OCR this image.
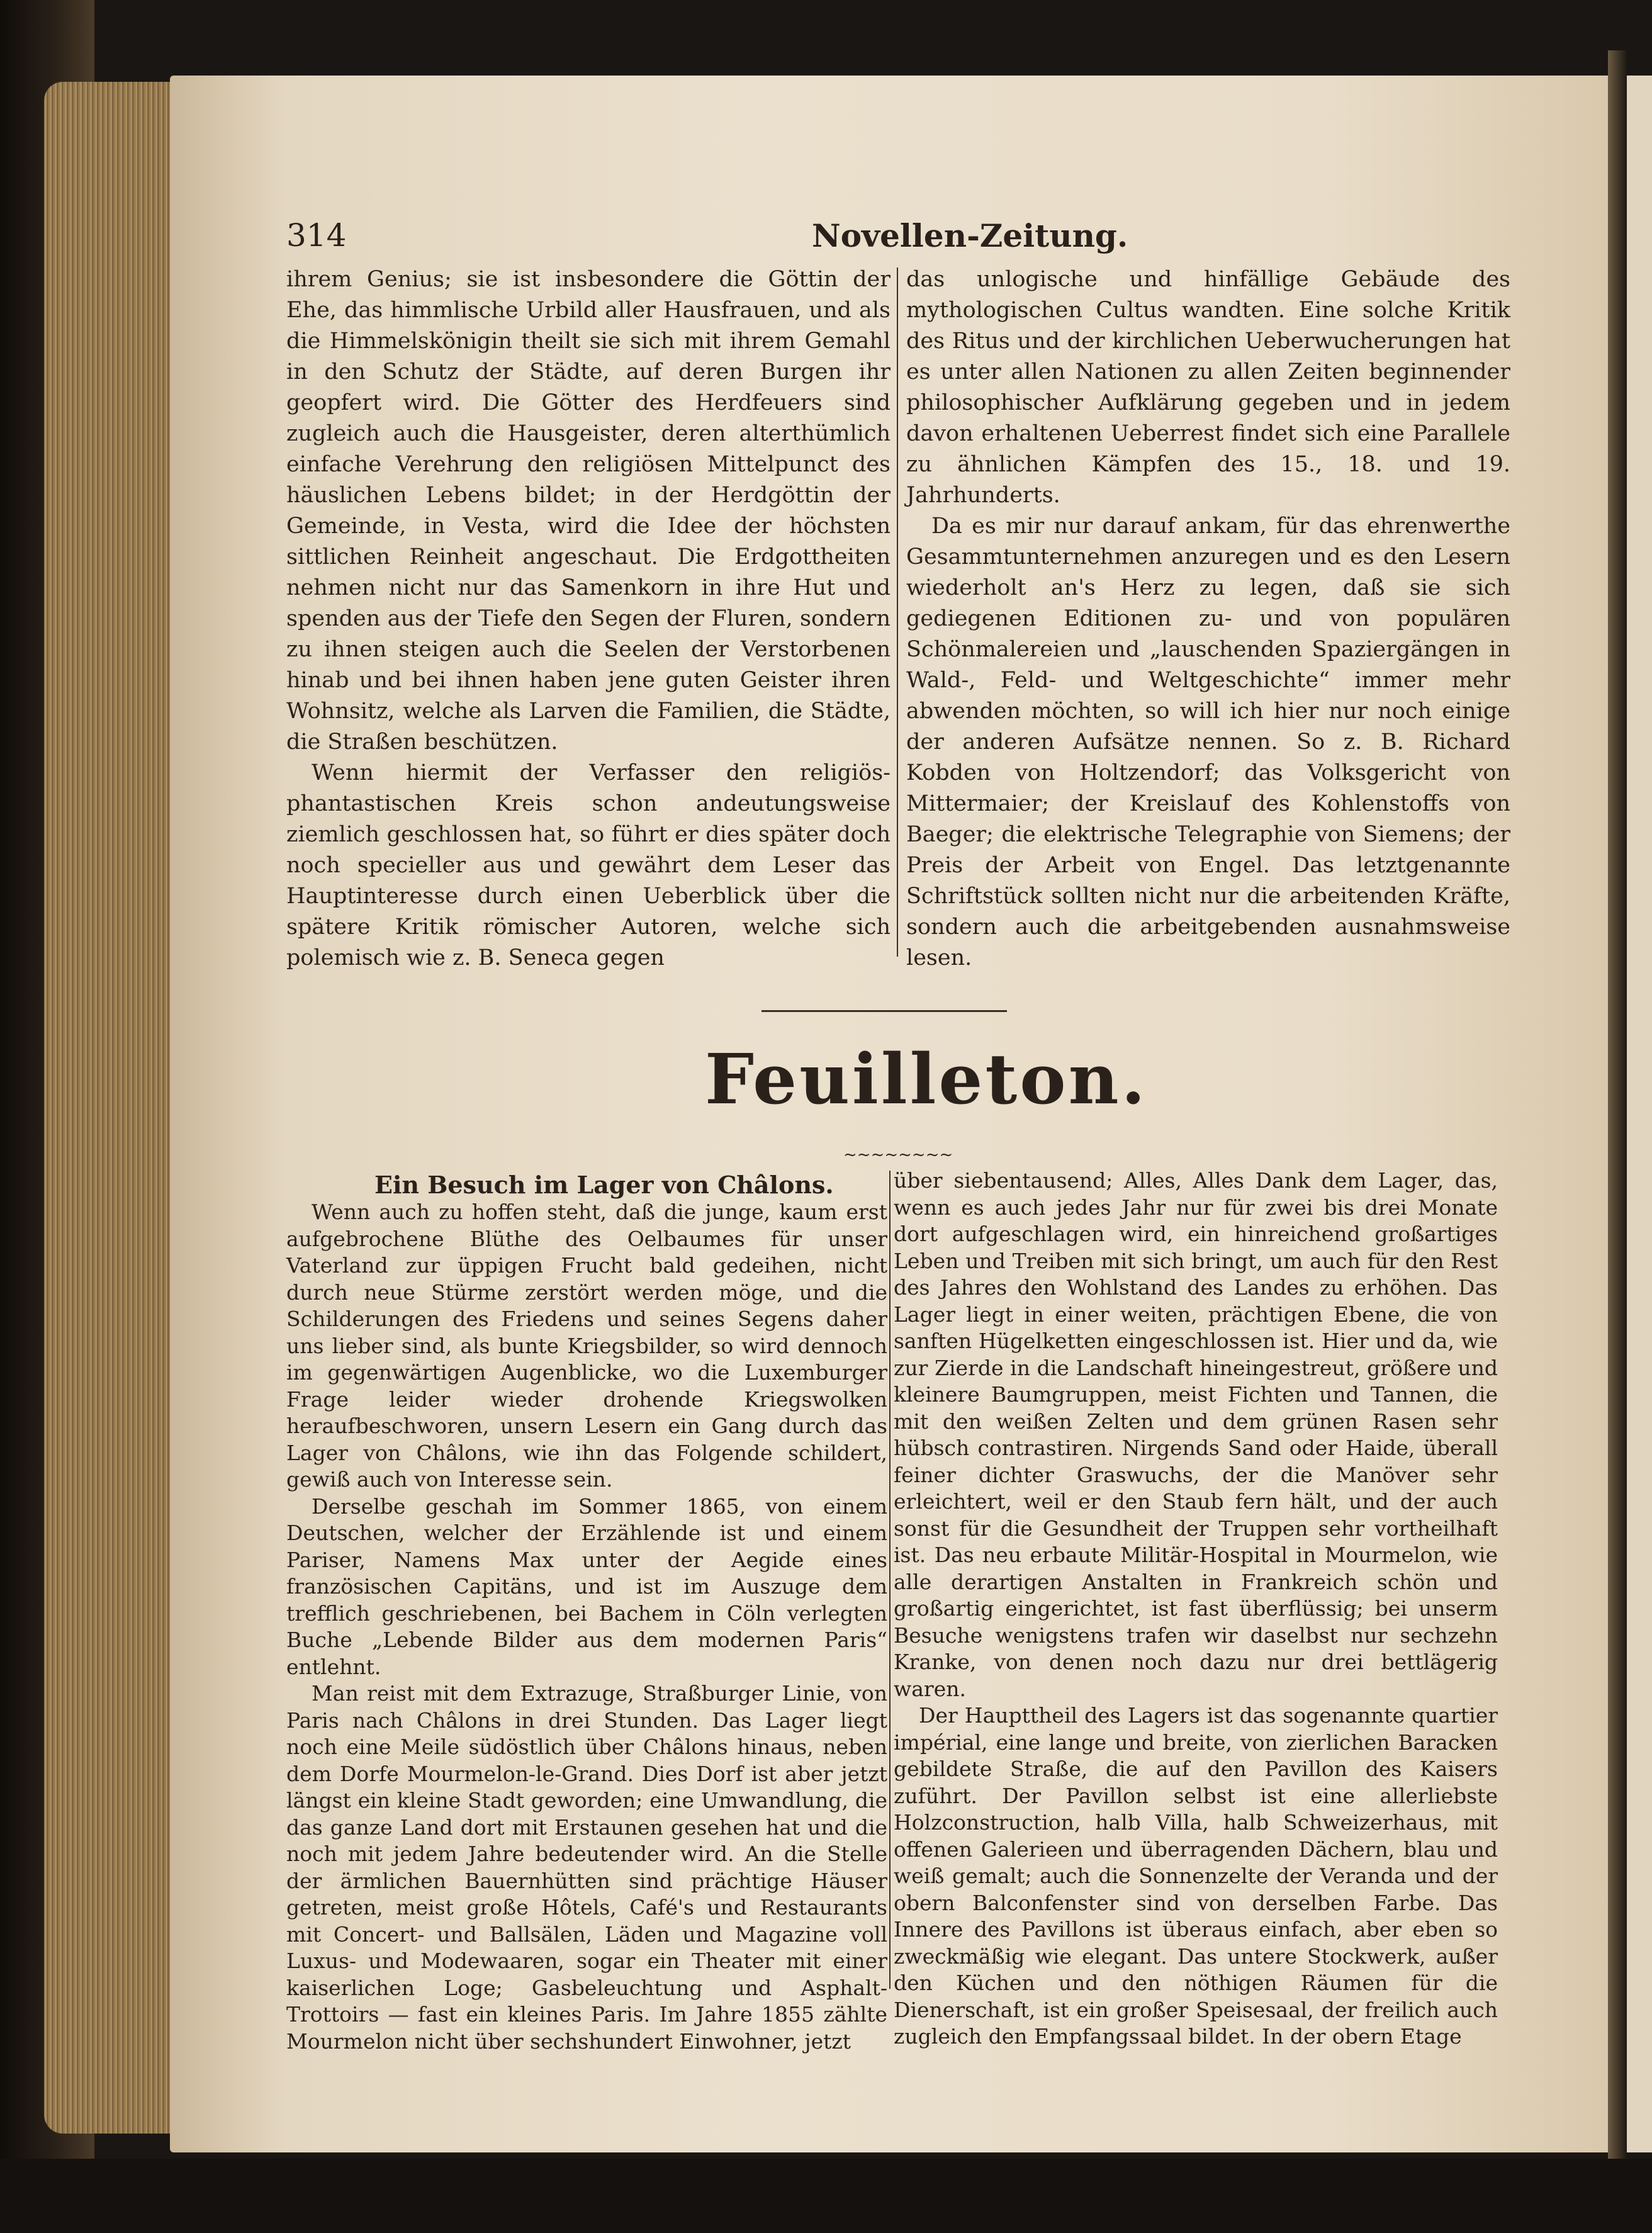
314	Novellen-Zeitung.

ihrem Genius; sie ist insbesondere die Göttin der Ehe, das himmlische Urbild aller Hausfrauen, und als die Himmelskönigin theilt sie sich mit ihrem Gemahl in den Schutz der Städte, auf deren Burgen ihr geopfert wird. Die Götter des Herdfeuers sind zugleich auch die Hausgeister, deren alterthümlich einfache Verehrung den religiösen Mittelpunct des häuslichen Lebens bildet; in der Herdgöttin der Gemeinde, in Vesta, wird die Idee der höchsten sittlichen Reinheit angeschaut. Die Erdgottheiten nehmen nicht nur das Samenkorn in ihre Hut und spenden aus der Tiefe den Segen der Fluren, sondern zu ihnen steigen auch die Seelen der Verstorbenen hinab und bei ihnen haben jene guten Geister ihren Wohnsitz, welche als Larven die Familien, die Städte, die Straßen beschützen.

Wenn hiermit der Verfasser den religiös-phantastischen Kreis schon andeutungsweise ziemlich geschlossen hat, so führt er dies später doch noch specieller aus und gewährt dem Leser das Hauptinteresse durch einen Ueberblick über die spätere Kritik römischer Autoren, welche sich polemisch wie z. B. Seneca gegen

das unlogische und hinfällige Gebäude des mythologischen Cultus wandten. Eine solche Kritik des Ritus und der kirchlichen Ueberwucherungen hat es unter allen Nationen zu allen Zeiten beginnender philosophischer Aufklärung gegeben und in jedem davon erhaltenen Ueberrest findet sich eine Parallele zu ähnlichen Kämpfen des 15., 18. und 19. Jahrhunderts.

Da es mir nur darauf ankam, für das ehrenwerthe Gesammtunternehmen anzuregen und es den Lesern wiederholt an's Herz zu legen, daß sie sich gediegenen Editionen zu- und von populären Schönmalereien und „lauschenden Spaziergängen in Wald-, Feld- und Weltgeschichte“ immer mehr abwenden möchten, so will ich hier nur noch einige der anderen Aufsätze nennen. So z. B. Richard Kobden von Holtzendorf; das Volksgericht von Mittermaier; der Kreislauf des Kohlenstoffs von Baeger; die elektrische Telegraphie von Siemens; der Preis der Arbeit von Engel. Das letztgenannte Schriftstück sollten nicht nur die arbeitenden Kräfte, sondern auch die arbeitgebenden ausnahmsweise lesen.

Feuilleton.
~~~~~~~~
Ein Besuch im Lager von Châlons.

Wenn auch zu hoffen steht, daß die junge, kaum erst aufgebrochene Blüthe des Oelbaumes für unser Vaterland zur üppigen Frucht bald gedeihen, nicht durch neue Stürme zerstört werden möge, und die Schilderungen des Friedens und seines Segens daher uns lieber sind, als bunte Kriegsbilder, so wird dennoch im gegenwärtigen Augenblicke, wo die Luxemburger Frage leider wieder drohende Kriegswolken heraufbeschworen, unsern Lesern ein Gang durch das Lager von Châlons, wie ihn das Folgende schildert, gewiß auch von Interesse sein.

Derselbe geschah im Sommer 1865, von einem Deutschen, welcher der Erzählende ist und einem Pariser, Namens Max unter der Aegide eines französischen Capitäns, und ist im Auszuge dem trefflich geschriebenen, bei Bachem in Cöln verlegten Buche „Lebende Bilder aus dem modernen Paris“ entlehnt.

Man reist mit dem Extrazuge, Straßburger Linie, von Paris nach Châlons in drei Stunden. Das Lager liegt noch eine Meile südöstlich über Châlons hinaus, neben dem Dorfe Mourmelon-le-Grand. Dies Dorf ist aber jetzt längst ein kleine Stadt geworden; eine Umwandlung, die das ganze Land dort mit Erstaunen gesehen hat und die noch mit jedem Jahre bedeutender wird. An die Stelle der ärmlichen Bauernhütten sind prächtige Häuser getreten, meist große Hôtels, Café's und Restaurants mit Concert- und Ballsälen, Läden und Magazine voll Luxus- und Modewaaren, sogar ein Theater mit einer kaiserlichen Loge; Gasbeleuchtung und Asphalt-Trottoirs — fast ein kleines Paris. Im Jahre 1855 zählte Mourmelon nicht über sechshundert Einwohner, jetzt

über siebentausend; Alles, Alles Dank dem Lager, das, wenn es auch jedes Jahr nur für zwei bis drei Monate dort aufgeschlagen wird, ein hinreichend großartiges Leben und Treiben mit sich bringt, um auch für den Rest des Jahres den Wohlstand des Landes zu erhöhen. Das Lager liegt in einer weiten, prächtigen Ebene, die von sanften Hügelketten eingeschlossen ist. Hier und da, wie zur Zierde in die Landschaft hineingestreut, größere und kleinere Baumgruppen, meist Fichten und Tannen, die mit den weißen Zelten und dem grünen Rasen sehr hübsch contrastiren. Nirgends Sand oder Haide, überall feiner dichter Graswuchs, der die Manöver sehr erleichtert, weil er den Staub fern hält, und der auch sonst für die Gesundheit der Truppen sehr vortheilhaft ist. Das neu erbaute Militär-Hospital in Mourmelon, wie alle derartigen Anstalten in Frankreich schön und großartig eingerichtet, ist fast überflüssig; bei unserm Besuche wenigstens trafen wir daselbst nur sechzehn Kranke, von denen noch dazu nur drei bettlägerig waren.

Der Haupttheil des Lagers ist das sogenannte quartier impérial, eine lange und breite, von zierlichen Baracken gebildete Straße, die auf den Pavillon des Kaisers zuführt. Der Pavillon selbst ist eine allerliebste Holzconstruction, halb Villa, halb Schweizerhaus, mit offenen Galerieen und überragenden Dächern, blau und weiß gemalt; auch die Sonnenzelte der Veranda und der obern Balconfenster sind von derselben Farbe. Das Innere des Pavillons ist überaus einfach, aber eben so zweckmäßig wie elegant. Das untere Stockwerk, außer den Küchen und den nöthigen Räumen für die Dienerschaft, ist ein großer Speisesaal, der freilich auch zugleich den Empfangssaal bildet. In der obern Etage
